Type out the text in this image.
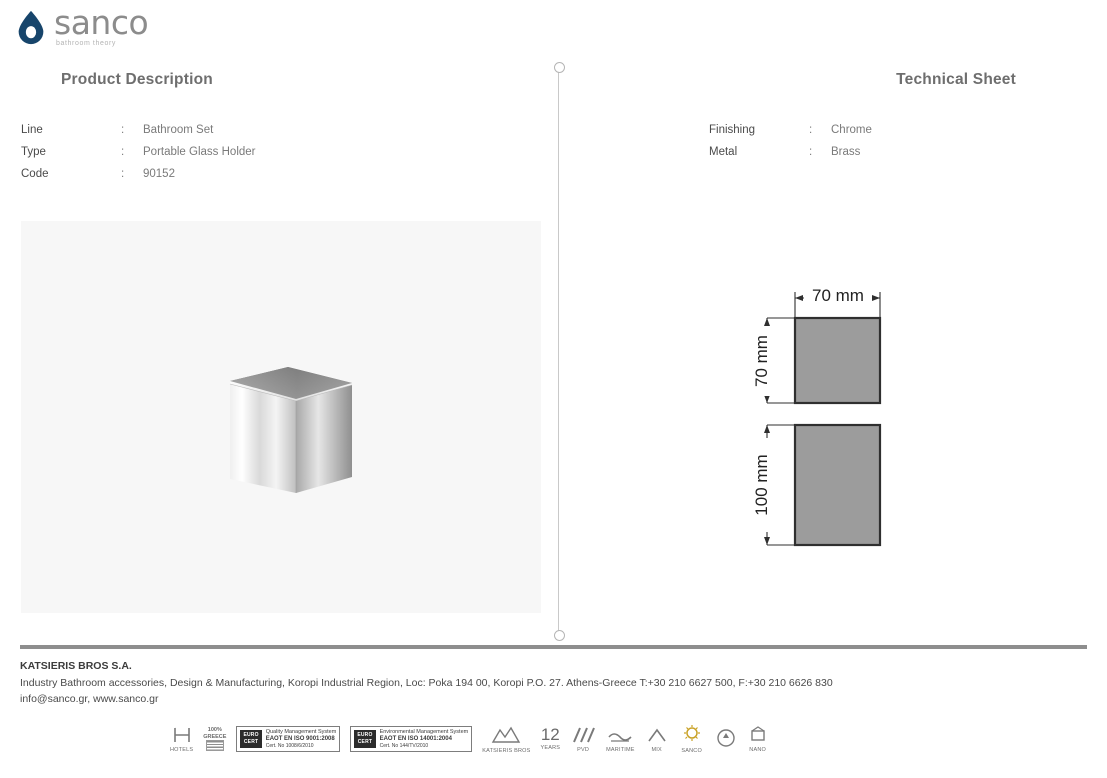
sanco
bathroom theory
Product Description	Technical Sheet
Line	:	Bathroom Set
Type	:	Portable Glass Holder
Code	:	90152
Finishing	:	Chrome
Metal	:	Brass
70 mm
70 mm
100 mm
KATSIERIS BROS S.A.
Industry Bathroom accessories, Design & Manufacturing, Koropi Industrial Region, Loc: Poka 194 00, Koropi P.O. 27. Athens-Greece T:+30 210 6627 500, F:+30 210 6626 830
info@sanco.gr, www.sanco.gr
HOTELS
100%
GREECE	EURO
CERT
Quality Management System
EAOT EN ISO 9001:2008
Cert. No 1008/6/2010
EURO
CERT
Environmental Management System
EAOT EN ISO 14001:2004
Cert. No 144/TV/2010
KATSIERIS BROS
12
YEARS	PVD	MARITIME	MIX	SANCO	NANO
